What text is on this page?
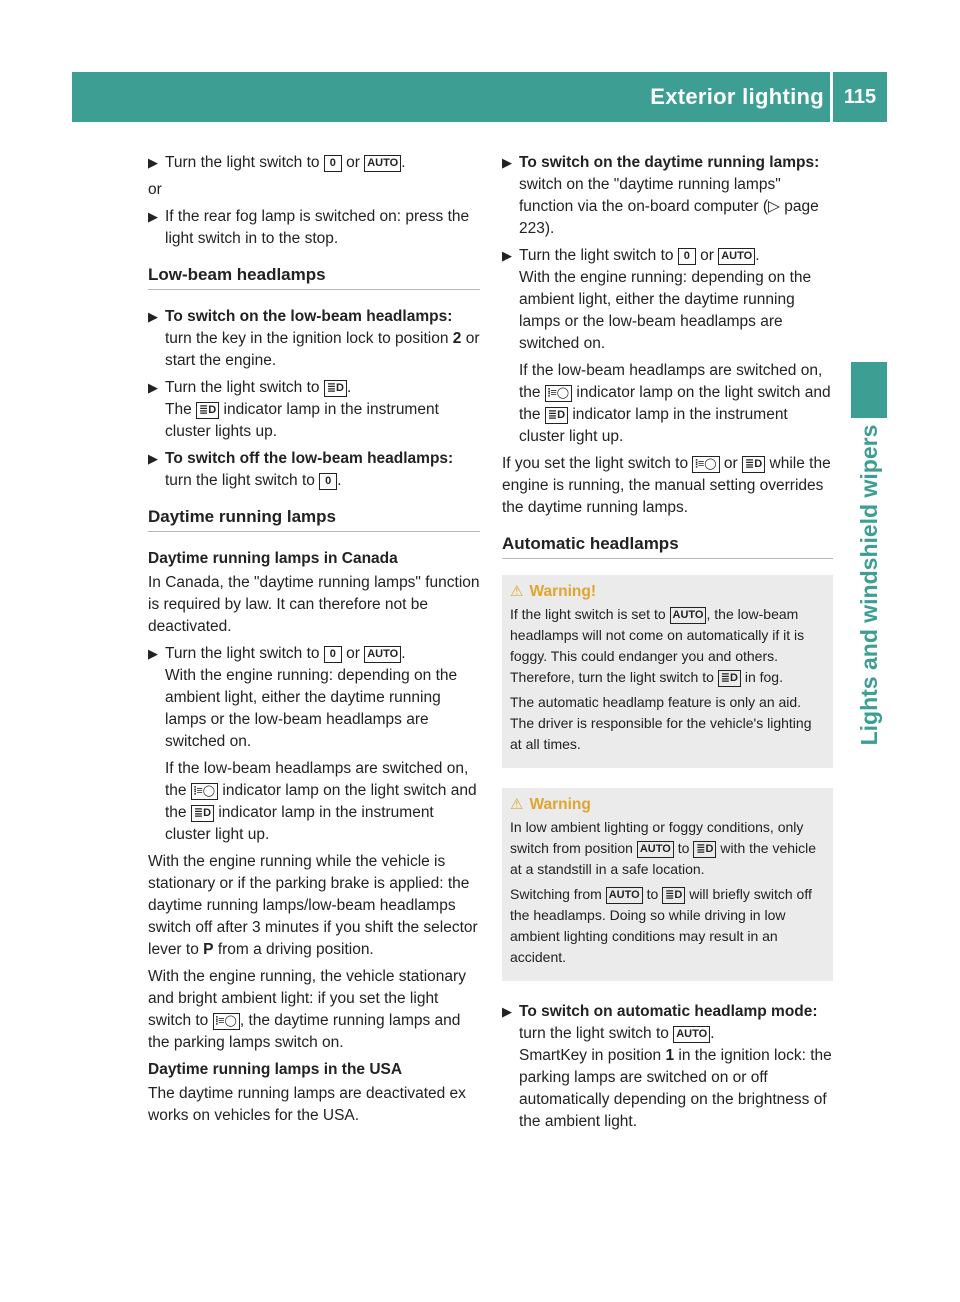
Exterior lighting 115
Lights and windshield wipers
▶ Turn the light switch to 0 or AUTO .

or

▶ If the rear fog lamp is switched on: press the light switch in to the stop.

Low-beam headlamps
▶ To switch on the low-beam headlamps: turn the key in the ignition lock to position 2 or start the engine.

▶ Turn the light switch to ≣D .

The ≣D indicator lamp in the instrument cluster lights up.

▶ To switch off the low-beam headlamps: turn the light switch to 0 .

Daytime running lamps

Daytime running lamps in Canada

In Canada, the "daytime running lamps" function is required by law. It can therefore not be deactivated.

▶ Turn the light switch to 0 or AUTO .

With the engine running: depending on the ambient light, either the daytime running lamps or the low-beam headlamps are switched on.

If the low-beam headlamps are switched on, the ⦙≡◯ indicator lamp on the light switch and the ≣D indicator lamp in the instrument cluster light up.

With the engine running while the vehicle is stationary or if the parking brake is applied: the daytime running lamps/low-beam headlamps switch off after 3 minutes if you shift the selector lever to P from a driving position.

With the engine running, the vehicle stationary and bright ambient light: if you set the light switch to ⦙≡◯ , the daytime running lamps and the parking lamps switch on.

Daytime running lamps in the USA

The daytime running lamps are deactivated ex works on vehicles for the USA.

▶ To switch on the daytime running lamps: switch on the "daytime running lamps" function via the on-board computer (▷ page 223).

▶ Turn the light switch to 0 or AUTO .

With the engine running: depending on the ambient light, either the daytime running lamps or the low-beam headlamps are switched on.

If the low-beam headlamps are switched on, the ⦙≡◯ indicator lamp on the light switch and the ≣D indicator lamp in the instrument cluster light up.

If you set the light switch to ⦙≡◯ or ≣D while the engine is running, the manual setting overrides the daytime running lamps.

Automatic headlamps
⚠ Warning!

If the light switch is set to AUTO , the low-beam headlamps will not come on automatically if it is foggy. This could endanger you and others. Therefore, turn the light switch to ≣D in fog.

The automatic headlamp feature is only an aid. The driver is responsible for the vehicle's lighting at all times.

⚠ Warning

In low ambient lighting or foggy conditions, only switch from position AUTO to ≣D with the vehicle at a standstill in a safe location.

Switching from AUTO to ≣D will briefly switch off the headlamps. Doing so while driving in low ambient lighting conditions may result in an accident.

▶ To switch on automatic headlamp mode: turn the light switch to AUTO .

SmartKey in position 1 in the ignition lock: the parking lamps are switched on or off automatically depending on the brightness of the ambient light.
